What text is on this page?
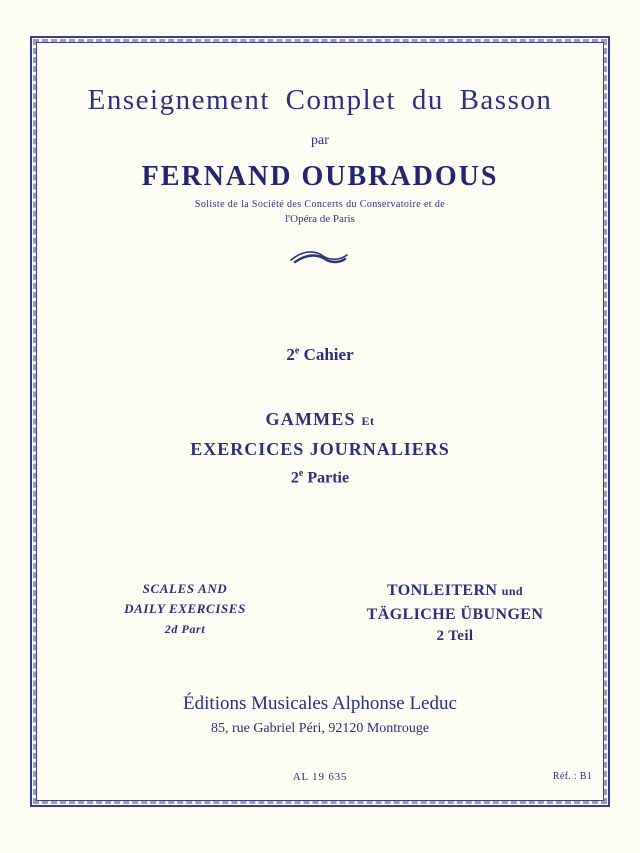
Enseignement Complet du Basson
par
FERNAND OUBRADOUS
Soliste de la Société des Concerts du Conservatoire et de
l'Opéra de Paris
2e Cahier
GAMMES Et
EXERCICES JOURNALIERS
2e Partie
SCALES AND
DAILY EXERCISES
2d Part
TONLEITERN und
TÄGLICHE ÜBUNGEN
2 Teil
Éditions Musicales Alphonse Leduc
85, rue Gabriel Péri, 92120 Montrouge
AL 19 635	Réf. : B1
